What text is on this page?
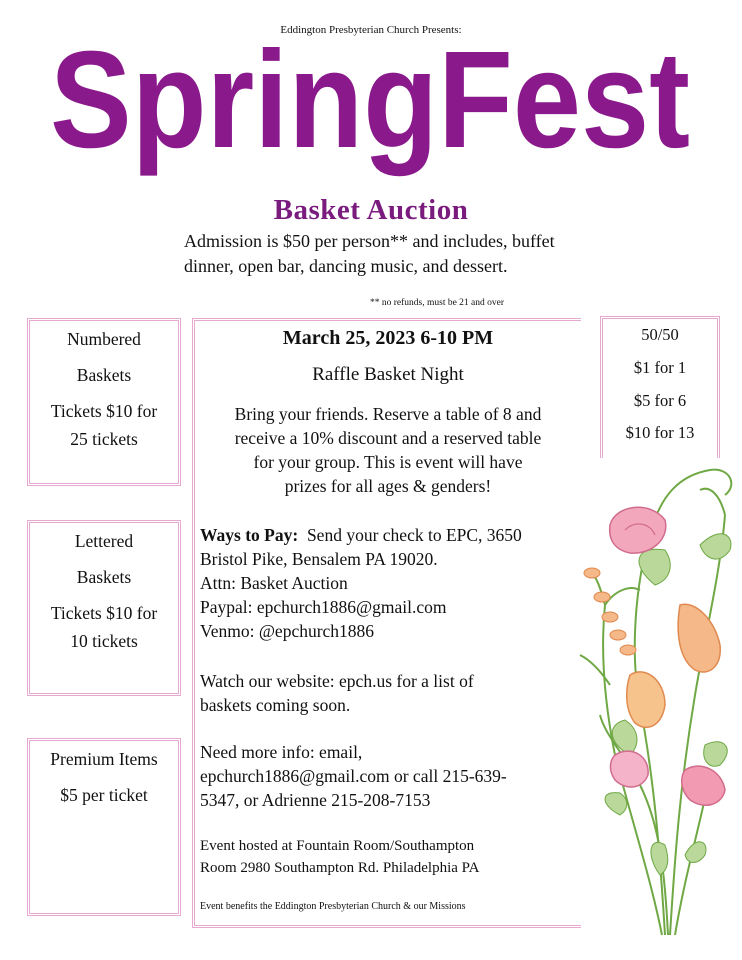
Eddington Presbyterian Church Presents:
SpringFest
Basket Auction
Admission is $50 per person** and includes, buffet dinner, open bar, dancing music, and dessert.
** no refunds, must be 21 and over
Numbered
Baskets
Tickets $10 for
25 tickets
Lettered
Baskets
Tickets $10 for
10 tickets
Premium Items
$5 per ticket
50/50
$1 for 1
$5 for 6
$10 for 13
March 25, 2023 6-10 PM
Raffle Basket Night
Bring your friends. Reserve a table of 8 and
receive a 10% discount and a reserved table
for your group. This is event will have
prizes for all ages & genders!
Ways to Pay:  Send your check to EPC, 3650
Bristol Pike, Bensalem PA 19020.
Attn: Basket Auction
Paypal: epchurch1886@gmail.com
Venmo: @epchurch1886
Watch our website: epch.us for a list of
baskets coming soon.
Need more info: email,
epchurch1886@gmail.com or call 215-639-
5347, or Adrienne 215-208-7153
Event hosted at Fountain Room/Southampton
Room 2980 Southampton Rd. Philadelphia PA
Event benefits the Eddington Presbyterian Church & our Missions
